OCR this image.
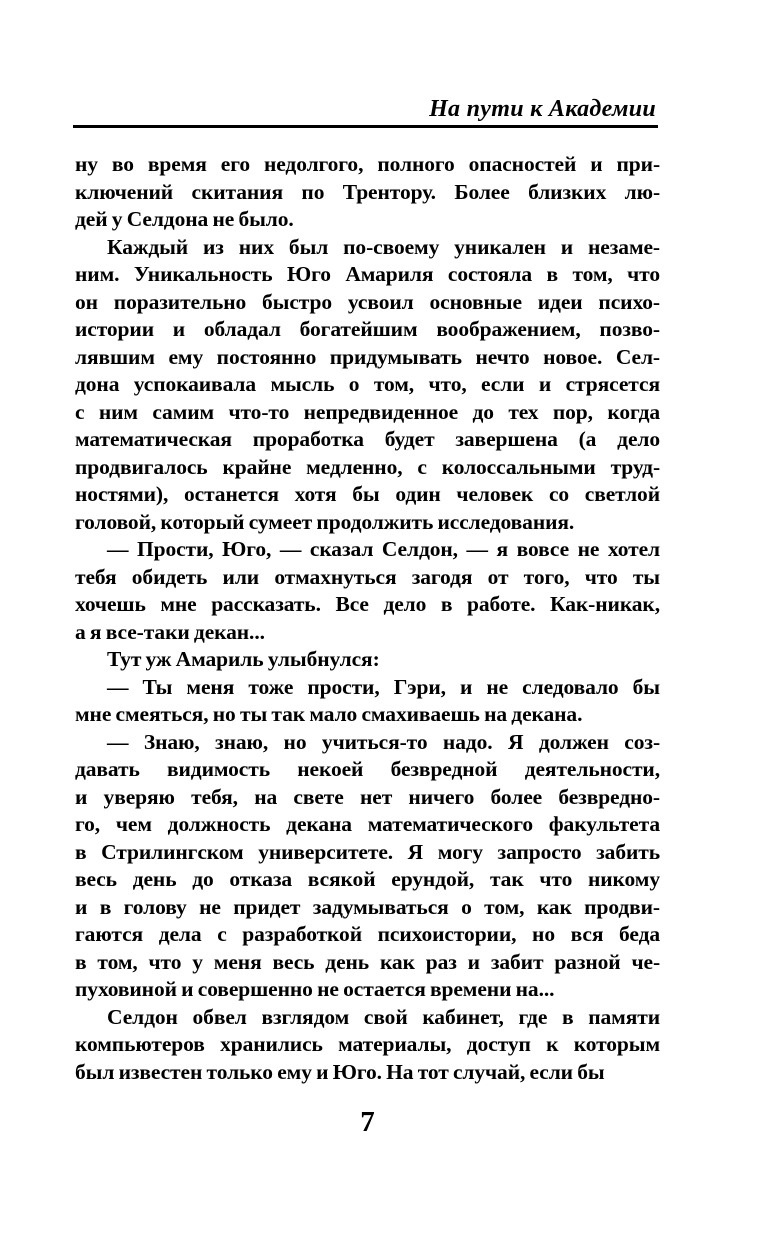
На пути к Академии

ну во время его недолгого, полного опасностей и при-
ключений скитания по Трентору. Более близких лю-
дей у Селдона не было.

Каждый из них был по-своему уникален и незаме-
ним. Уникальность Юго Амариля состояла в том, что
он поразительно быстро усвоил основные идеи психо-
истории и обладал богатейшим воображением, позво-
лявшим ему постоянно придумывать нечто новое. Сел-
дона успокаивала мысль о том, что, если и стрясется
с ним самим что-то непредвиденное до тех пор, когда
математическая проработка будет завершена (а дело
продвигалось крайне медленно, с колоссальными труд-
ностями), останется хотя бы один человек со светлой
головой, который сумеет продолжить исследования.

— Прости, Юго, — сказал Селдон, — я вовсе не хотел
тебя обидеть или отмахнуться загодя от того, что ты
хочешь мне рассказать. Все дело в работе. Как-никак,
а я все-таки декан...

Тут уж Амариль улыбнулся:

— Ты меня тоже прости, Гэри, и не следовало бы
мне смеяться, но ты так мало смахиваешь на декана.

— Знаю, знаю, но учиться-то надо. Я должен соз-
давать видимость некоей безвредной деятельности,
и уверяю тебя, на свете нет ничего более безвредно-
го, чем должность декана математического факультета
в Стрилингском университете. Я могу запросто забить
весь день до отказа всякой ерундой, так что никому
и в голову не придет задумываться о том, как продви-
гаются дела с разработкой психоистории, но вся беда
в том, что у меня весь день как раз и забит разной че-
пуховиной и совершенно не остается времени на...

Селдон обвел взглядом свой кабинет, где в памяти
компьютеров хранились материалы, доступ к которым
был известен только ему и Юго. На тот случай, если бы

7
